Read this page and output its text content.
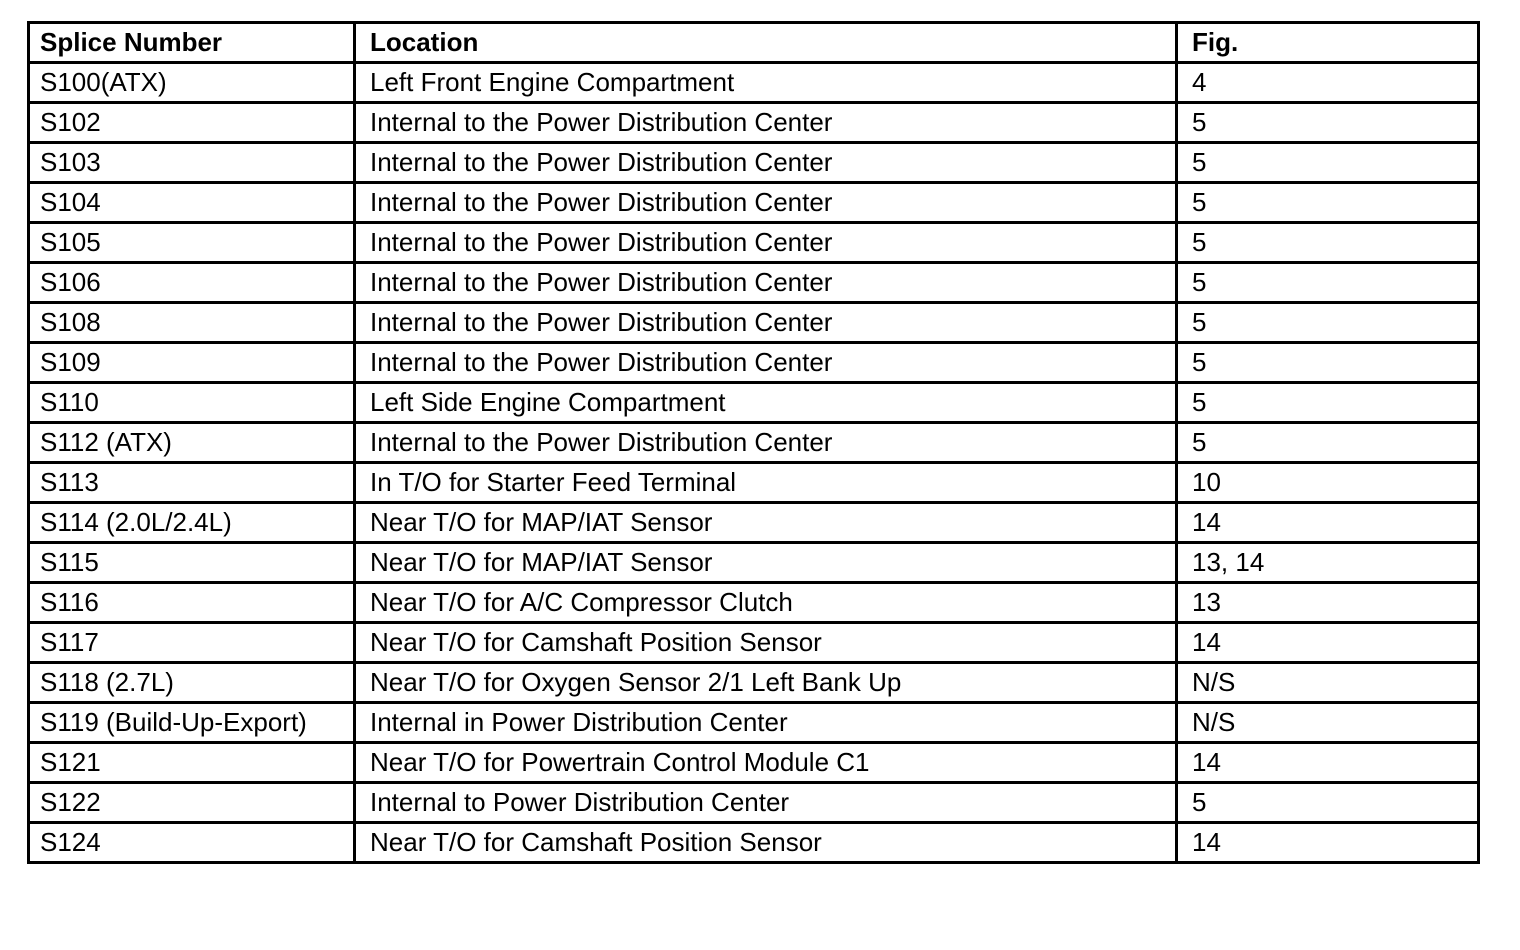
Splice Number	Location	Fig.
S100(ATX)	Left Front Engine Compartment	4
S102	Internal to the Power Distribution Center	5
S103	Internal to the Power Distribution Center	5
S104	Internal to the Power Distribution Center	5
S105	Internal to the Power Distribution Center	5
S106	Internal to the Power Distribution Center	5
S108	Internal to the Power Distribution Center	5
S109	Internal to the Power Distribution Center	5
S110	Left Side Engine Compartment	5
S112 (ATX)	Internal to the Power Distribution Center	5
S113	In T/O for Starter Feed Terminal	10
S114 (2.0L/2.4L)	Near T/O for MAP/IAT Sensor	14
S115	Near T/O for MAP/IAT Sensor	13, 14
S116	Near T/O for A/C Compressor Clutch	13
S117	Near T/O for Camshaft Position Sensor	14
S118 (2.7L)	Near T/O for Oxygen Sensor 2/1 Left Bank Up	N/S
S119 (Build-Up-Export)	Internal in Power Distribution Center	N/S
S121	Near T/O for Powertrain Control Module C1	14
S122	Internal to Power Distribution Center	5
S124	Near T/O for Camshaft Position Sensor	14
